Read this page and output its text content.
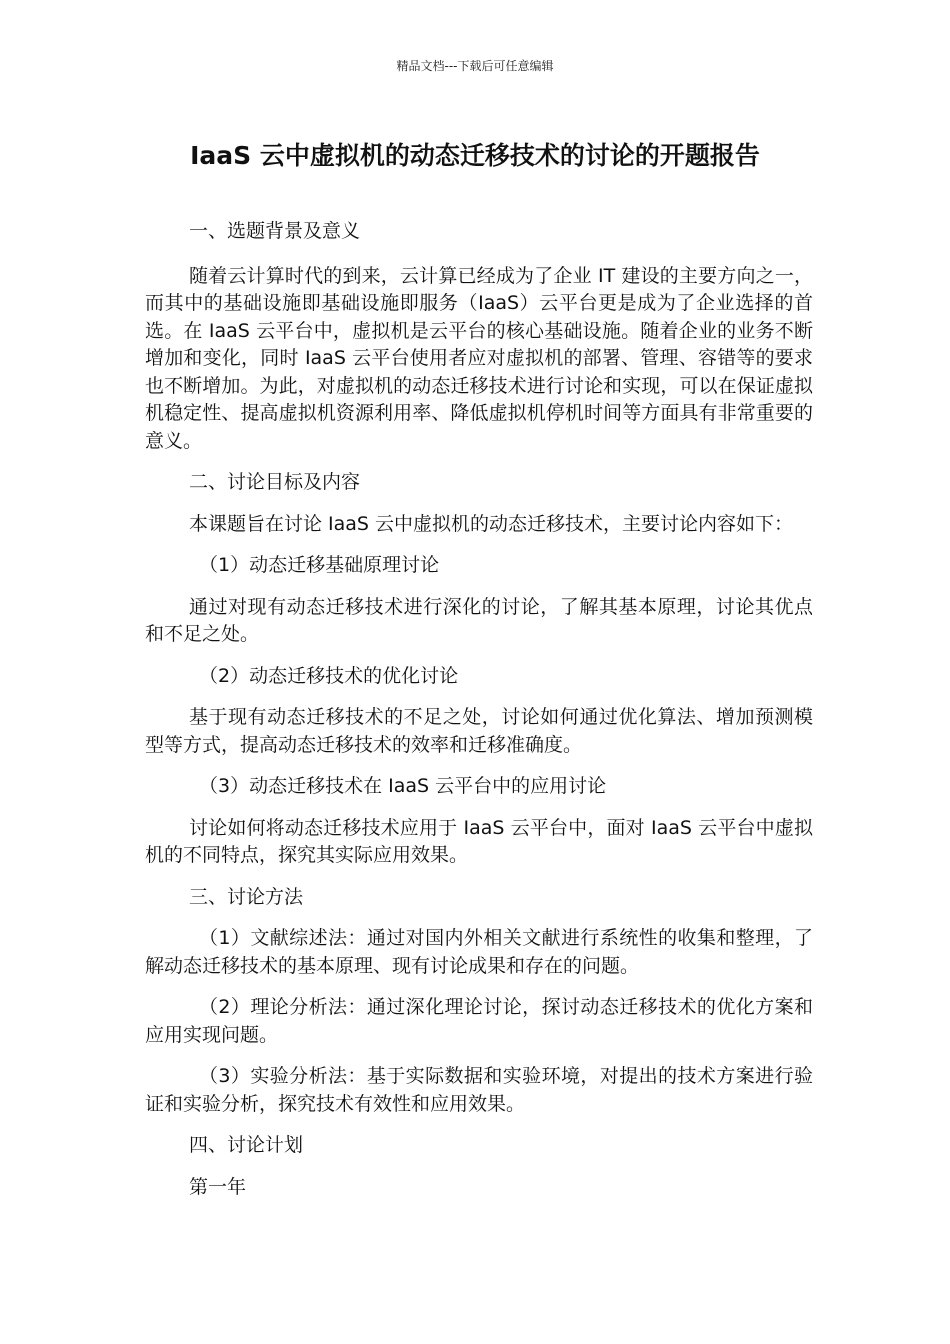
精品文档---下载后可任意编辑
IaaS 云中虚拟机的动态迁移技术的讨论的开题报告

一、选题背景及意义

随着云计算时代的到来，云计算已经成为了企业 IT 建设的主要方向之一，而其中的基础设施即基础设施即服务（IaaS）云平台更是成为了企业选择的首选。在 IaaS 云平台中，虚拟机是云平台的核心基础设施。随着企业的业务不断增加和变化，同时 IaaS 云平台使用者应对虚拟机的部署、管理、容错等的要求也不断增加。为此，对虚拟机的动态迁移技术进行讨论和实现，可以在保证虚拟机稳定性、提高虚拟机资源利用率、降低虚拟机停机时间等方面具有非常重要的意义。

二、讨论目标及内容

本课题旨在讨论 IaaS 云中虚拟机的动态迁移技术，主要讨论内容如下：

（1）动态迁移基础原理讨论

通过对现有动态迁移技术进行深化的讨论，了解其基本原理，讨论其优点和不足之处。

（2）动态迁移技术的优化讨论

基于现有动态迁移技术的不足之处，讨论如何通过优化算法、增加预测模型等方式，提高动态迁移技术的效率和迁移准确度。

（3）动态迁移技术在 IaaS 云平台中的应用讨论

讨论如何将动态迁移技术应用于 IaaS 云平台中，面对 IaaS 云平台中虚拟机的不同特点，探究其实际应用效果。

三、讨论方法

（1）文献综述法：通过对国内外相关文献进行系统性的收集和整理，了解动态迁移技术的基本原理、现有讨论成果和存在的问题。

（2）理论分析法：通过深化理论讨论，探讨动态迁移技术的优化方案和应用实现问题。

（3）实验分析法：基于实际数据和实验环境，对提出的技术方案进行验证和实验分析，探究技术有效性和应用效果。

四、讨论计划

第一年
